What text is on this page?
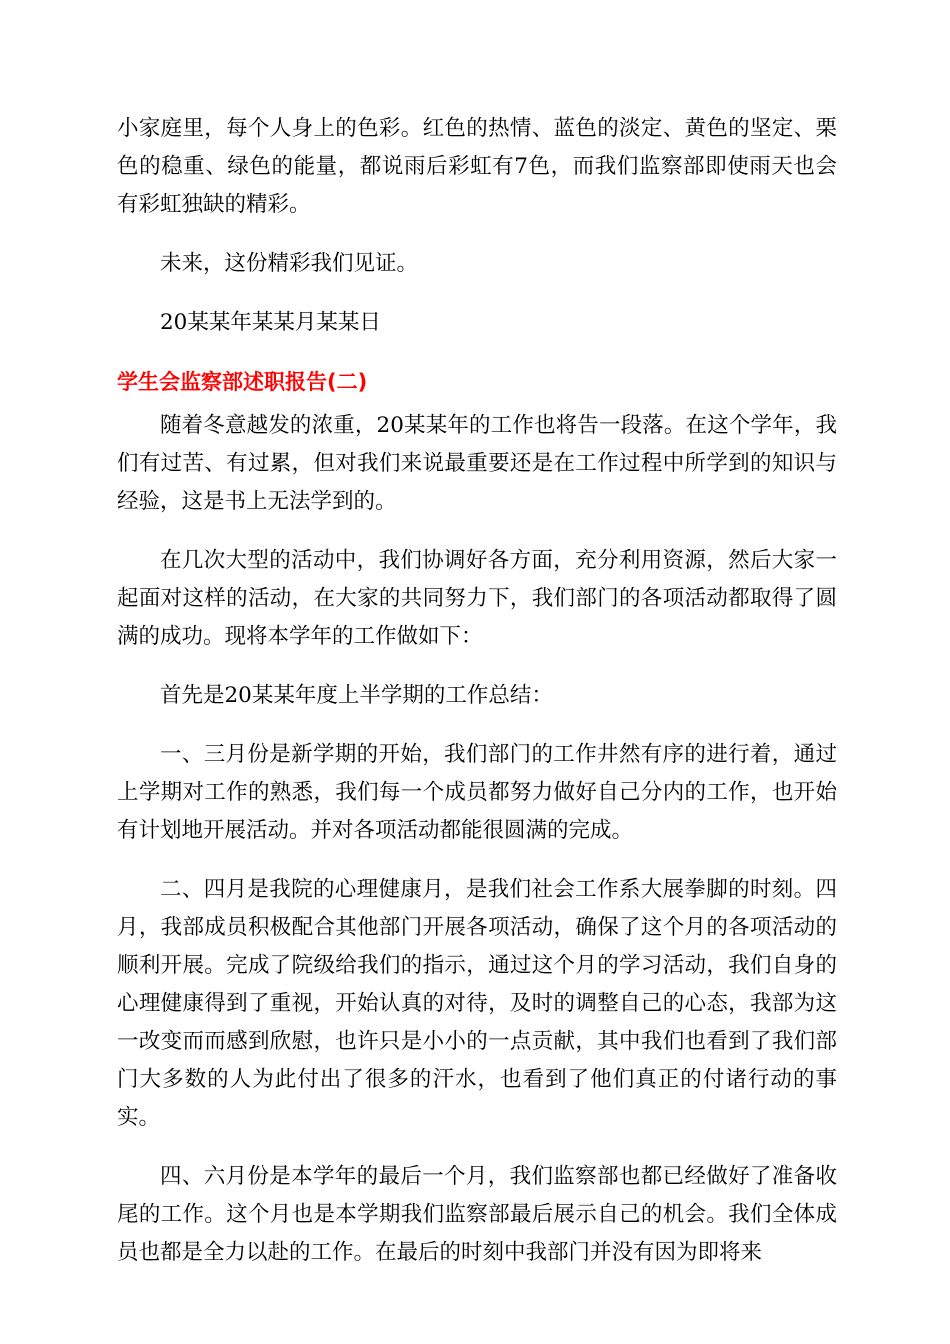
小家庭里，每个人身上的色彩。红色的热情、蓝色的淡定、黄色的坚定、栗色的稳重、绿色的能量，都说雨后彩虹有7色，而我们监察部即使雨天也会有彩虹独缺的精彩。

未来，这份精彩我们见证。

20某某年某某月某某日

学生会监察部述职报告(二)

随着冬意越发的浓重，20某某年的工作也将告一段落。在这个学年，我们有过苦、有过累，但对我们来说最重要还是在工作过程中所学到的知识与经验，这是书上无法学到的。

在几次大型的活动中，我们协调好各方面，充分利用资源，然后大家一起面对这样的活动，在大家的共同努力下，我们部门的各项活动都取得了圆满的成功。现将本学年的工作做如下：

首先是20某某年度上半学期的工作总结：

一、三月份是新学期的开始，我们部门的工作井然有序的进行着，通过上学期对工作的熟悉，我们每一个成员都努力做好自己分内的工作，也开始有计划地开展活动。并对各项活动都能很圆满的完成。

二、四月是我院的心理健康月，是我们社会工作系大展拳脚的时刻。四月，我部成员积极配合其他部门开展各项活动，确保了这个月的各项活动的顺利开展。完成了院级给我们的指示，通过这个月的学习活动，我们自身的心理健康得到了重视，开始认真的对待，及时的调整自己的心态，我部为这一改变而而感到欣慰，也许只是小小的一点贡献，其中我们也看到了我们部门大多数的人为此付出了很多的汗水，也看到了他们真正的付诸行动的事实。

四、六月份是本学年的最后一个月，我们监察部也都已经做好了准备收尾的工作。这个月也是本学期我们监察部最后展示自己的机会。我们全体成员也都是全力以赴的工作。在最后的时刻中我部门并没有因为即将来
